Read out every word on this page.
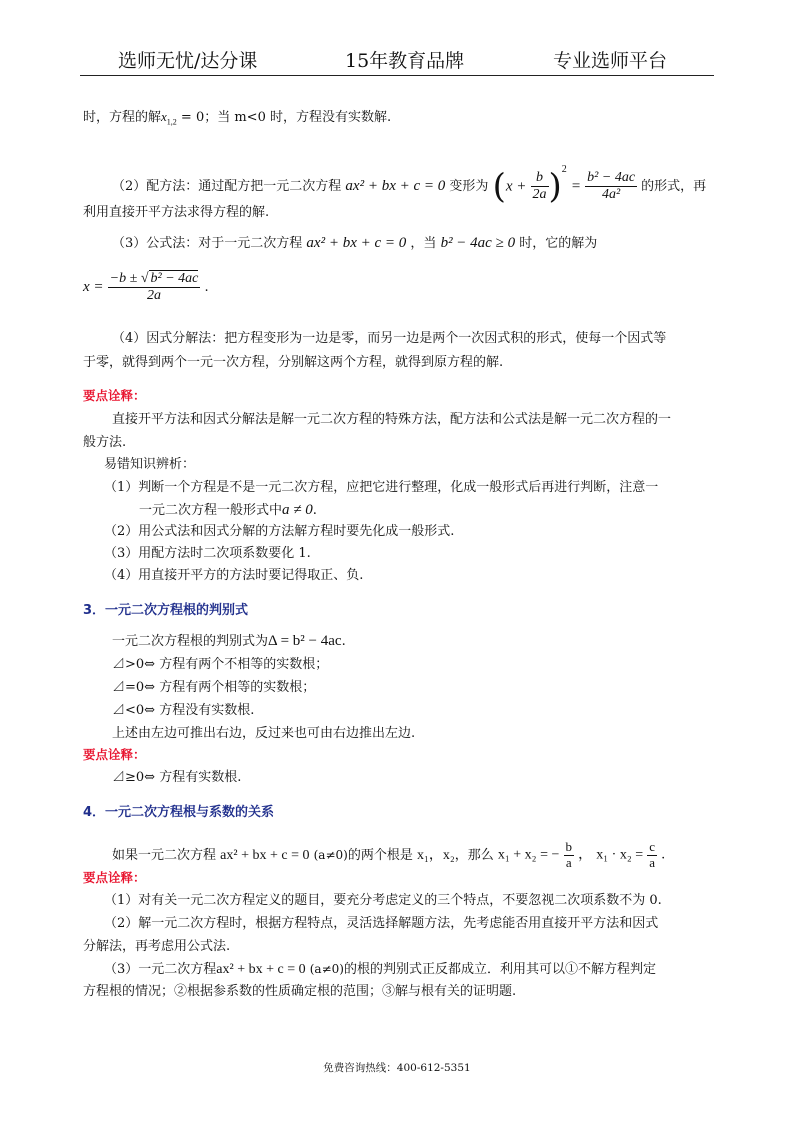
选师无忧/达分课	15年教育品牌	专业选师平台
时，方程的解$x_{1,2} = 0$；当 m<0 时，方程没有实数解.
（2）配方法：通过配方把一元二次方程 ax² + bx + c = 0 变形为 $(x + \frac{b}{2a} )^2 = \frac{\text{b² − 4ac}}{\text{4a²}}$ 的形式，再
利用直接开平方法求得方程的解.
（3）公式法：对于一元二次方程 ax² + bx + c = 0 ，当 b² − 4ac ≥ 0 时，它的解为
$x = \frac{\text{−b ± √ b² − 4ac}}{2a}$ .
（4）因式分解法：把方程变形为一边是零，而另一边是两个一次因式积的形式，使每一个因式等
于零，就得到两个一元一次方程，分别解这两个方程，就得到原方程的解.
要点诠释：
直接开平方法和因式分解法是解一元二次方程的特殊方法，配方法和公式法是解一元二次方程的一
般方法.
易错知识辨析：
（1）判断一个方程是不是一元二次方程，应把它进行整理，化成一般形式后再进行判断，注意一
一元二次方程一般形式中a ≠ 0.
（2）用公式法和因式分解的方法解方程时要先化成一般形式.
（3）用配方法时二次项系数要化 1.
（4）用直接开平方的方法时要记得取正、负.
3．一元二次方程根的判别式
一元二次方程根的判别式为Δ = b² − 4ac.
⊿>0⇔ 方程有两个不相等的实数根；
⊿=0⇔ 方程有两个相等的实数根；
⊿<0⇔ 方程没有实数根.
上述由左边可推出右边，反过来也可由右边推出左边.
要点诠释：
⊿≥0⇔ 方程有实数根.
4．一元二次方程根与系数的关系
如果一元二次方程 ax² + bx + c = 0 (a≠0)的两个根是 x₁，x₂，那么 x₁ + x₂ = − $\frac{b}{a}$ ， $x_1 \cdot x_2 = \frac{c}{a}$ .
要点诠释：
（1）对有关一元二次方程定义的题目，要充分考虑定义的三个特点，不要忽视二次项系数不为 0.
（2）解一元二次方程时，根据方程特点，灵活选择解题方法，先考虑能否用直接开平方法和因式
分解法，再考虑用公式法.
（3）一元二次方程ax² + bx + c = 0 (a≠0)的根的判别式正反都成立．利用其可以①不解方程判定
方程根的情况；②根据参系数的性质确定根的范围；③解与根有关的证明题.
免费咨询热线：400-612-5351
